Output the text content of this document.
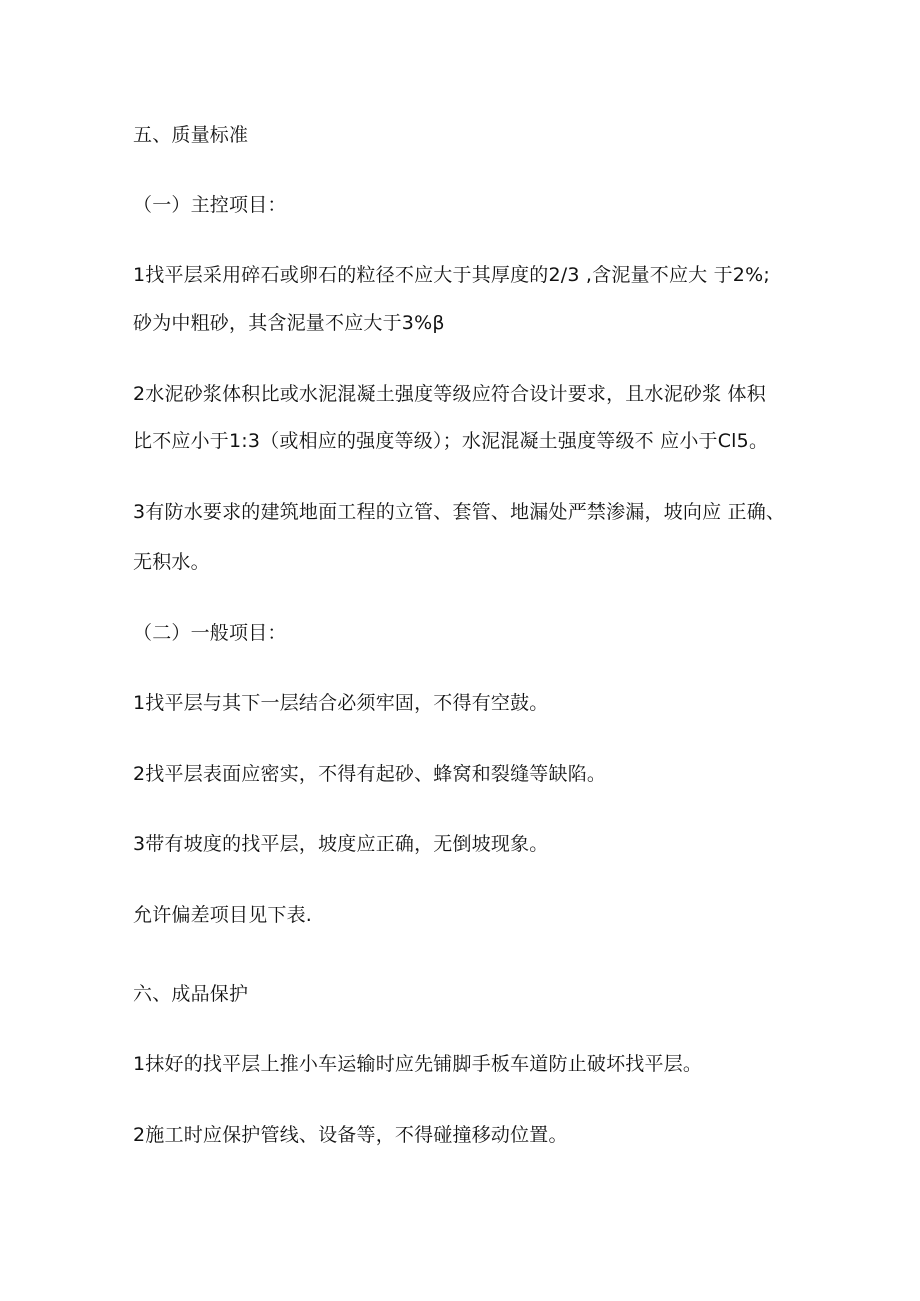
五、质量标准
（一）主控项目：
1找平层采用碎石或卵石的粒径不应大于其厚度的2/3 ,含泥量不应大 于2%;
砂为中粗砂，其含泥量不应大于3%β
2水泥砂浆体积比或水泥混凝土强度等级应符合设计要求，且水泥砂浆 体积
比不应小于1:3（或相应的强度等级）；水泥混凝土强度等级不 应小于Cl5。
3有防水要求的建筑地面工程的立管、套管、地漏处严禁渗漏，坡向应 正确、
无积水。
（二）一般项目：
1找平层与其下一层结合必须牢固，不得有空鼓。
2找平层表面应密实，不得有起砂、蜂窝和裂缝等缺陷。
3带有坡度的找平层，坡度应正确，无倒坡现象。
允许偏差项目见下表.
六、成品保护
1抹好的找平层上推小车运输时应先铺脚手板车道防止破坏找平层。
2施工时应保护管线、设备等，不得碰撞移动位置。
